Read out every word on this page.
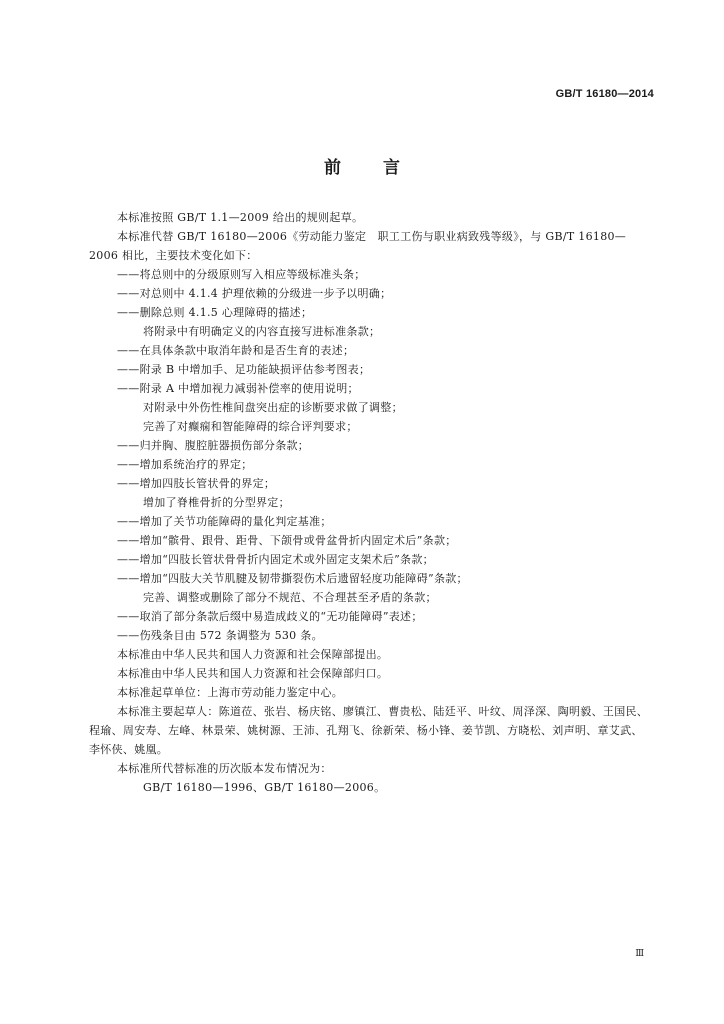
GB/T 16180—2014
前言
本标准按照 GB/T 1.1—2009 给出的规则起草。
本标准代替 GB/T 16180—2006《劳动能力鉴定　职工工伤与职业病致残等级》，与 GB/T 16180—
2006 相比，主要技术变化如下：
——将总则中的分级原则写入相应等级标准头条；
——对总则中 4.1.4 护理依赖的分级进一步予以明确；
——删除总则 4.1.5 心理障碍的描述；
将附录中有明确定义的内容直接写进标准条款；
——在具体条款中取消年龄和是否生育的表述；
——附录 B 中增加手、足功能缺损评估参考图表；
——附录 A 中增加视力减弱补偿率的使用说明；
对附录中外伤性椎间盘突出症的诊断要求做了调整；
完善了对癫痫和智能障碍的综合评判要求；
——归并胸、腹腔脏器损伤部分条款；
——增加系统治疗的界定；
——增加四肢长管状骨的界定；
增加了脊椎骨折的分型界定；
——增加了关节功能障碍的量化判定基准；
——增加“髌骨、跟骨、距骨、下颌骨或骨盆骨折内固定术后”条款；
——增加“四肢长管状骨骨折内固定术或外固定支架术后”条款；
——增加“四肢大关节肌腱及韧带撕裂伤术后遗留轻度功能障碍”条款；
完善、调整或删除了部分不规范、不合理甚至矛盾的条款；
——取消了部分条款后缀中易造成歧义的“无功能障碍”表述；
——伤残条目由 572 条调整为 530 条。
本标准由中华人民共和国人力资源和社会保障部提出。
本标准由中华人民共和国人力资源和社会保障部归口。
本标准起草单位：上海市劳动能力鉴定中心。
本标准主要起草人：陈道莅、张岩、杨庆铭、廖镇江、曹贵松、陆廷平、叶纹、周泽深、陶明毅、王国民、
程瑜、周安寿、左峰、林景荣、姚树源、王沛、孔翔飞、徐新荣、杨小锋、姜节凯、方晓松、刘声明、章艾武、
李怀侠、姚凰。
本标准所代替标准的历次版本发布情况为：
GB/T 16180—1996、GB/T 16180—2006。
Ⅲ
